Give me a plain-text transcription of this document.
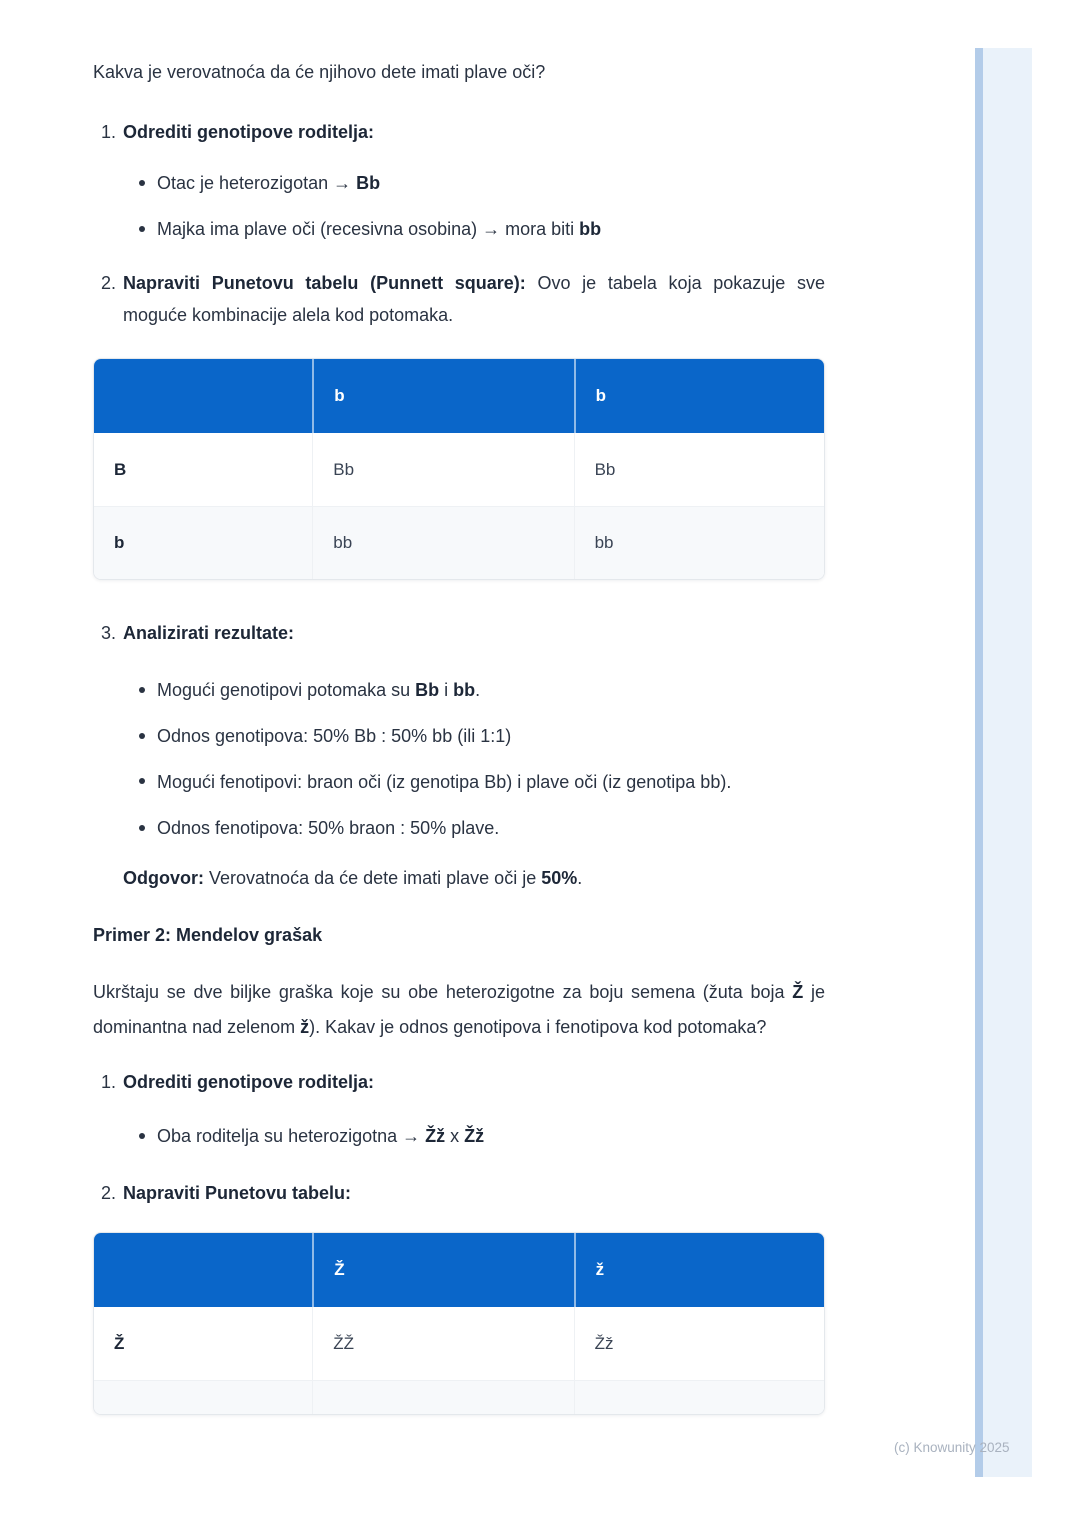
Kakva je verovatnoća da će njihovo dete imati plave oči?
1. Odrediti genotipove roditelja:
Otac je heterozigotan → Bb
Majka ima plave oči (recesivna osobina) → mora biti bb
2. Napraviti Punetovu tabelu (Punnett square): Ovo je tabela koja pokazuje sve moguće kombinacije alela kod potomaka.
	b	b
B	Bb	Bb
b	bb	bb
3. Analizirati rezultate:
Mogući genotipovi potomaka su Bb i bb.
Odnos genotipova: 50% Bb : 50% bb (ili 1:1)
Mogući fenotipovi: braon oči (iz genotipa Bb) i plave oči (iz genotipa bb).
Odnos fenotipova: 50% braon : 50% plave.
Odgovor: Verovatnoća da će dete imati plave oči je 50%.
Primer 2: Mendelov grašak
Ukrštaju se dve biljke graška koje su obe heterozigotne za boju semena (žuta boja Ž je dominantna nad zelenom ž). Kakav je odnos genotipova i fenotipova kod potomaka?
1. Odrediti genotipove roditelja:
Oba roditelja su heterozigotna → Žž x Žž
2. Napraviti Punetovu tabelu:
	Ž	ž
Ž	ŽŽ	Žž

(c) Knowunity 2025
